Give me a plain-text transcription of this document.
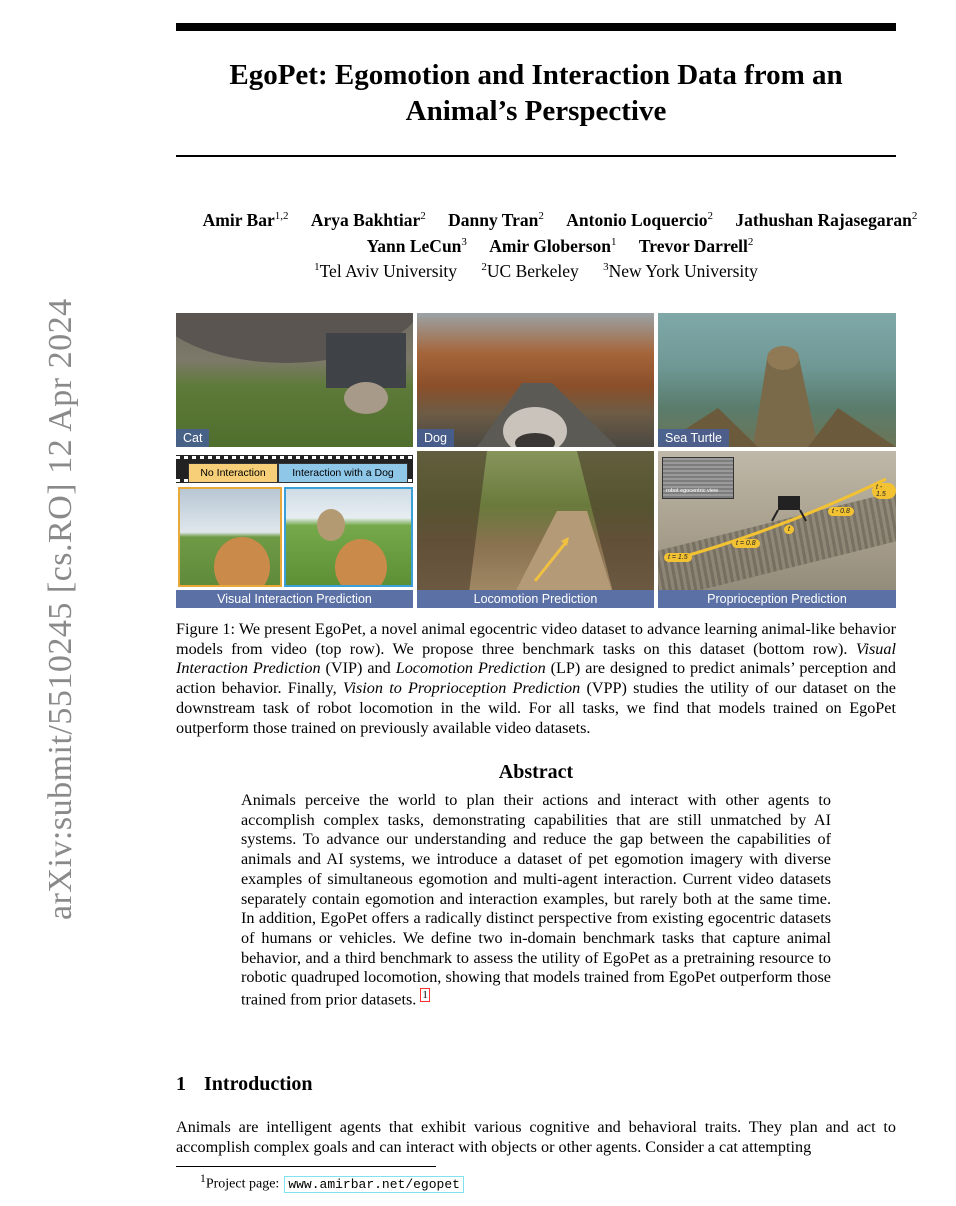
arXiv:submit/5510245 [cs.RO] 12 Apr 2024
EgoPet: Egomotion and Interaction Data from an
Animal’s Perspective
Amir Bar$^{1,2}$ Arya Bakhtiar$^2$ Danny Tran$^2$ Antonio Loquercio$^2$ Jathushan Rajasegaran$^2$
Yann LeCun$^3$ Amir Globerson$^1$ Trevor Darrell$^2$
$^1$Tel Aviv University $^2$UC Berkeley $^3$New York University
Cat	Dog	Sea Turtle
No Interaction	Interaction with a Dog
Visual Interaction Prediction	Locomotion Prediction
robot egocentric view
t = 1.5
t = 0.8
t
t - 0.8
t - 1.5
Proprioception Prediction
Figure 1: We present EgoPet, a novel animal egocentric video dataset to advance learning animal-like behavior models from video (top row). We propose three benchmark tasks on this dataset (bottom row). Visual Interaction Prediction (VIP) and Locomotion Prediction (LP) are designed to predict animals’ perception and action behavior. Finally, Vision to Proprioception Prediction (VPP) studies the utility of our dataset on the downstream task of robot locomotion in the wild. For all tasks, we find that models trained on EgoPet outperform those trained on previously available video datasets.
Abstract
Animals perceive the world to plan their actions and interact with other agents to accomplish complex tasks, demonstrating capabilities that are still unmatched by AI systems. To advance our understanding and reduce the gap between the capabilities of animals and AI systems, we introduce a dataset of pet egomotion imagery with diverse examples of simultaneous egomotion and multi-agent interaction. Current video datasets separately contain egomotion and interaction examples, but rarely both at the same time. In addition, EgoPet offers a radically distinct perspective from existing egocentric datasets of humans or vehicles. We define two in-domain benchmark tasks that capture animal behavior, and a third benchmark to assess the utility of EgoPet as a pretraining resource to robotic quadruped locomotion, showing that models trained from EgoPet outperform those trained from prior datasets. 1
1 Introduction
Animals are intelligent agents that exhibit various cognitive and behavioral traits. They plan and act to accomplish complex goals and can interact with objects or other agents. Consider a cat attempting
$^1$Project page: www.amirbar.net/egopet
